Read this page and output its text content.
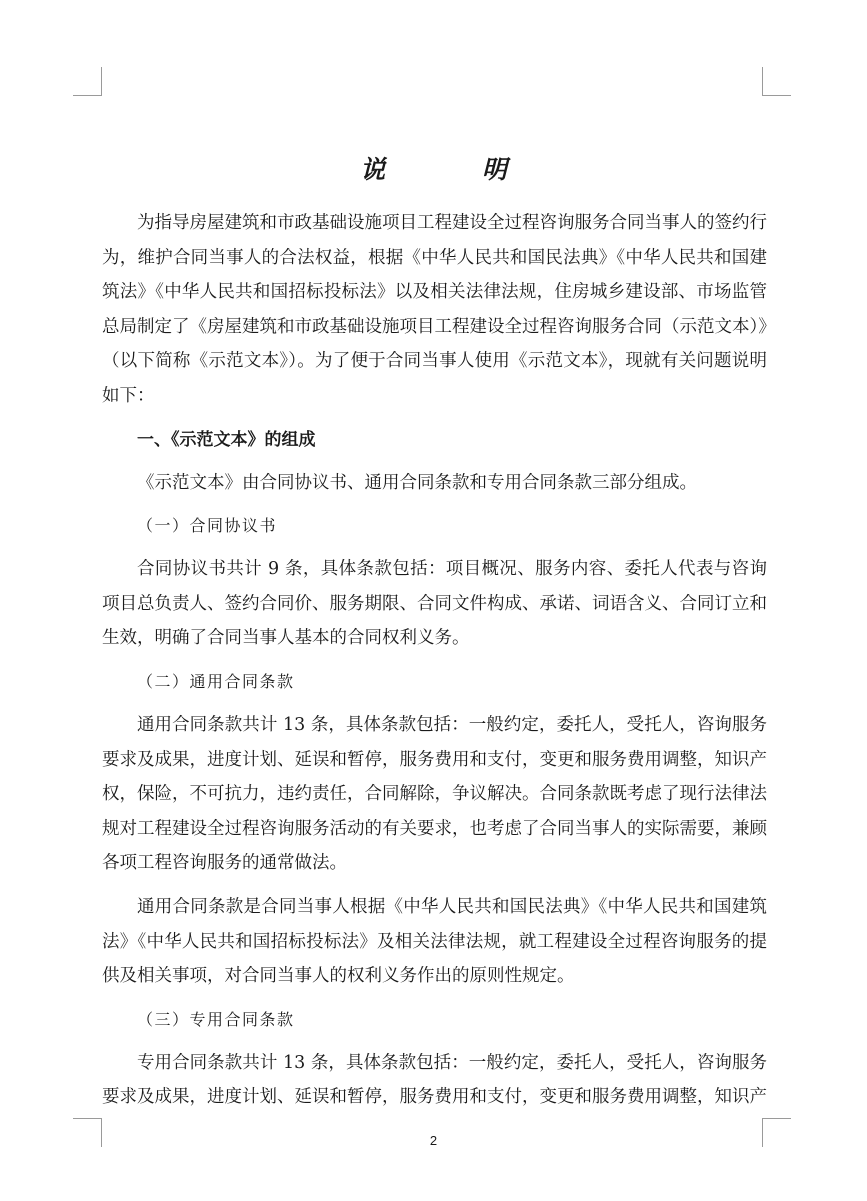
说 明

为指导房屋建筑和市政基础设施项目工程建设全过程咨询服务合同当事人的签约行为，维护合同当事人的合法权益，根据《中华人民共和国民法典》《中华人民共和国建筑法》《中华人民共和国招标投标法》以及相关法律法规，住房城乡建设部、市场监管总局制定了《房屋建筑和市政基础设施项目工程建设全过程咨询服务合同（示范文本）》（以下简称《示范文本》）。为了便于合同当事人使用《示范文本》，现就有关问题说明如下：

一、《示范文本》的组成

《示范文本》由合同协议书、通用合同条款和专用合同条款三部分组成。

（一）合同协议书

合同协议书共计 9 条，具体条款包括：项目概况、服务内容、委托人代表与咨询项目总负责人、签约合同价、服务期限、合同文件构成、承诺、词语含义、合同订立和生效，明确了合同当事人基本的合同权利义务。

（二）通用合同条款

通用合同条款共计 13 条，具体条款包括：一般约定，委托人，受托人，咨询服务要求及成果，进度计划、延误和暂停，服务费用和支付，变更和服务费用调整，知识产权，保险，不可抗力，违约责任，合同解除，争议解决。合同条款既考虑了现行法律法规对工程建设全过程咨询服务活动的有关要求，也考虑了合同当事人的实际需要，兼顾各项工程咨询服务的通常做法。

通用合同条款是合同当事人根据《中华人民共和国民法典》《中华人民共和国建筑法》《中华人民共和国招标投标法》及相关法律法规，就工程建设全过程咨询服务的提供及相关事项，对合同当事人的权利义务作出的原则性规定。

（三）专用合同条款

专用合同条款共计 13 条，具体条款包括：一般约定，委托人，受托人，咨询服务要求及成果，进度计划、延误和暂停，服务费用和支付，变更和服务费用调整，知识产

2
